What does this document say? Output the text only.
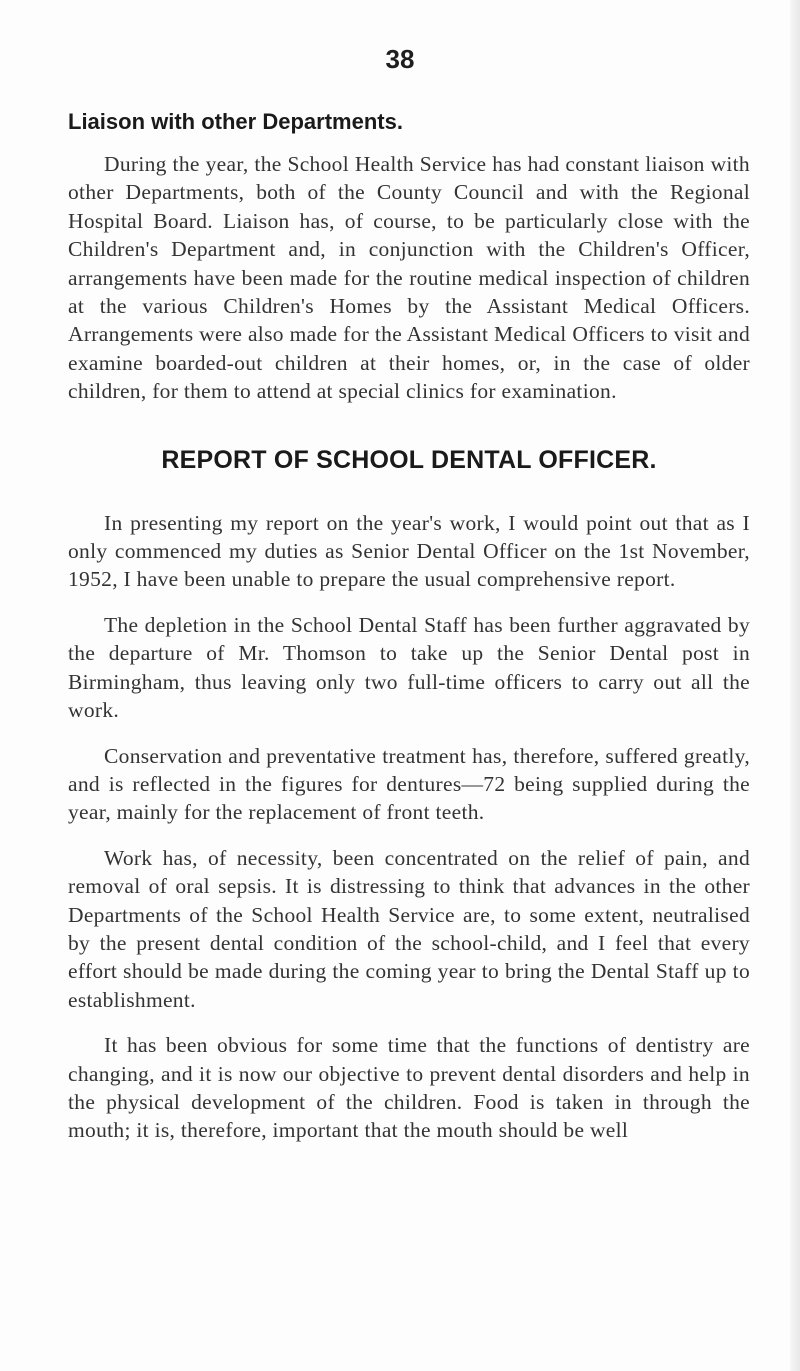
38
Liaison with other Departments.

During the year, the School Health Service has had constant liaison with other Departments, both of the County Council and with the Regional Hospital Board. Liaison has, of course, to be particularly close with the Children's Department and, in conjunction with the Children's Officer, arrangements have been made for the routine medical inspection of children at the various Children's Homes by the Assistant Medical Officers. Arrangements were also made for the Assistant Medical Officers to visit and examine boarded-out children at their homes, or, in the case of older children, for them to attend at special clinics for examination.

REPORT OF SCHOOL DENTAL OFFICER.

In presenting my report on the year's work, I would point out that as I only commenced my duties as Senior Dental Officer on the 1st November, 1952, I have been unable to prepare the usual comprehensive report.

The depletion in the School Dental Staff has been further aggravated by the departure of Mr. Thomson to take up the Senior Dental post in Birmingham, thus leaving only two full-time officers to carry out all the work.

Conservation and preventative treatment has, therefore, suffered greatly, and is reflected in the figures for dentures—72 being supplied during the year, mainly for the replacement of front teeth.

Work has, of necessity, been concentrated on the relief of pain, and removal of oral sepsis. It is distressing to think that advances in the other Departments of the School Health Service are, to some extent, neutralised by the present dental condition of the school-child, and I feel that every effort should be made during the coming year to bring the Dental Staff up to establishment.

It has been obvious for some time that the functions of dentistry are changing, and it is now our objective to prevent dental disorders and help in the physical development of the children. Food is taken in through the mouth; it is, therefore, important that the mouth should be well
